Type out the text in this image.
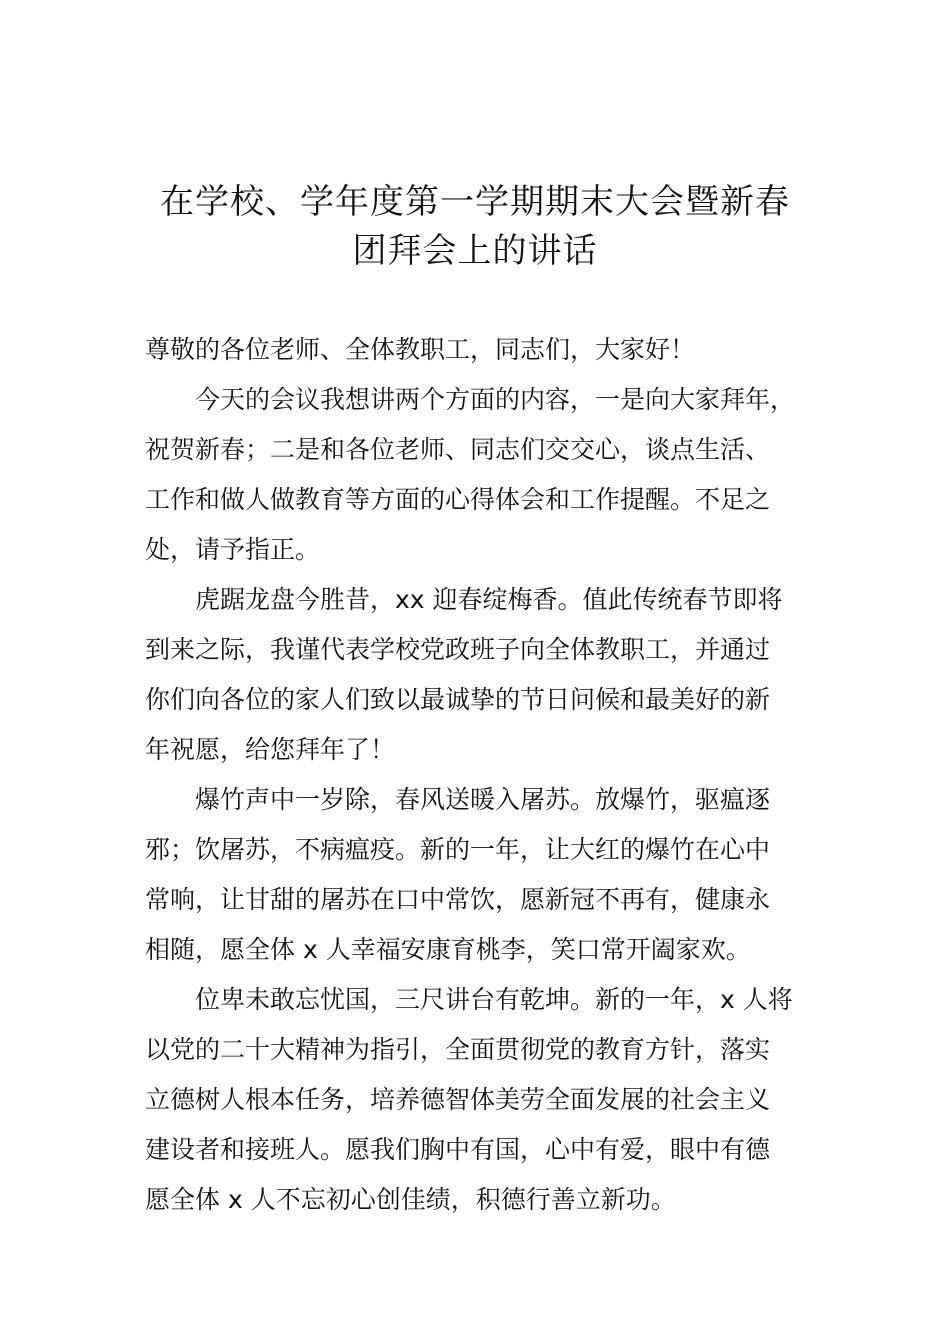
在学校、学年度第一学期期末大会暨新春
团拜会上的讲话

尊敬的各位老师、全体教职工，同志们，大家好！

今天的会议我想讲两个方面的内容，一是向大家拜年，

祝贺新春；二是和各位老师、同志们交交心，谈点生活、

工作和做人做教育等方面的心得体会和工作提醒。不足之

处，请予指正。

虎踞龙盘今胜昔，xx 迎春绽梅香。值此传统春节即将

到来之际，我谨代表学校党政班子向全体教职工，并通过

你们向各位的家人们致以最诚挚的节日问候和最美好的新

年祝愿，给您拜年了！

爆竹声中一岁除，春风送暖入屠苏。放爆竹，驱瘟逐

邪；饮屠苏，不病瘟疫。新的一年，让大红的爆竹在心中

常响，让甘甜的屠苏在口中常饮，愿新冠不再有，健康永

相随，愿全体 x 人幸福安康育桃李，笑口常开阖家欢。

位卑未敢忘忧国，三尺讲台有乾坤。新的一年，x 人将

以党的二十大精神为指引，全面贯彻党的教育方针，落实

立德树人根本任务，培养德智体美劳全面发展的社会主义

建设者和接班人。愿我们胸中有国，心中有爱，眼中有德

愿全体 x 人不忘初心创佳绩，积德行善立新功。
